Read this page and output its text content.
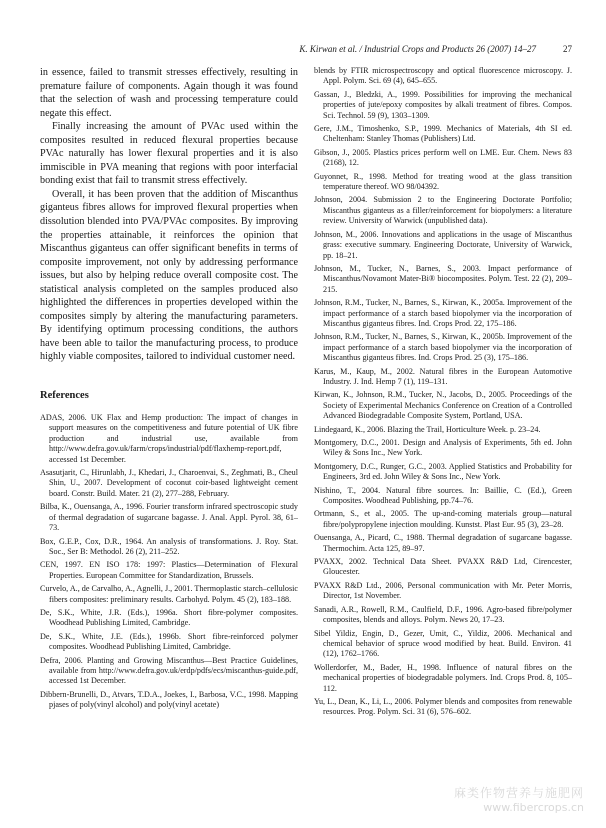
K. Kirwan et al. / Industrial Crops and Products 26 (2007) 14–27	27

in essence, failed to transmit stresses effectively, resulting in premature failure of components. Again though it was found that the selection of wash and processing temperature could negate this effect.

Finally increasing the amount of PVAc used within the composites resulted in reduced flexural properties because PVAc naturally has lower flexural properties and it is also immiscible in PVA meaning that regions with poor interfacial bonding exist that fail to transmit stress effectively.

Overall, it has been proven that the addition of Miscanthus giganteus fibres allows for improved flexural properties when dissolution blended into PVA/PVAc composites. By improving the properties attainable, it reinforces the opinion that Miscanthus giganteus can offer significant benefits in terms of composite improvement, not only by addressing performance issues, but also by helping reduce overall composite cost. The statistical analysis completed on the samples produced also highlighted the differences in properties developed within the composites simply by altering the manufacturing parameters. By identifying optimum processing conditions, the authors have been able to tailor the manufacturing process, to produce highly viable composites, tailored to individual customer need.

References

ADAS, 2006. UK Flax and Hemp production: The impact of changes in support measures on the competitiveness and future potential of UK fibre production and industrial use, available from http://www.defra.gov.uk/farm/crops/industrial/pdf/flaxhemp-report.pdf, accessed 1st December.

Asasutjarit, C., Hirunlabh, J., Khedari, J., Charoenvai, S., Zeghmati, B., Cheul Shin, U., 2007. Development of coconut coir-based lightweight cement board. Constr. Build. Mater. 21 (2), 277–288, February.

Bilba, K., Ouensanga, A., 1996. Fourier transform infrared spectroscopic study of thermal degradation of sugarcane bagasse. J. Anal. Appl. Pyrol. 38, 61–73.

Box, G.E.P., Cox, D.R., 1964. An analysis of transformations. J. Roy. Stat. Soc., Ser B: Methodol. 26 (2), 211–252.

CEN, 1997. EN ISO 178: 1997: Plastics—Determination of Flexural Properties. European Committee for Standardization, Brussels.

Curvelo, A., de Carvalho, A., Agnelli, J., 2001. Thermoplastic starch–cellulosic fibers composites: preliminary results. Carbohyd. Polym. 45 (2), 183–188.

De, S.K., White, J.R. (Eds.), 1996a. Short fibre-polymer composites. Woodhead Publishing Limited, Cambridge.

De, S.K., White, J.E. (Eds.), 1996b. Short fibre-reinforced polymer composites. Woodhead Publishing Limited, Cambridge.

Defra, 2006. Planting and Growing Miscanthus—Best Practice Guidelines, available from http://www.defra.gov.uk/erdp/pdfs/ecs/miscanthus-guide.pdf, accessed 1st December.

Dibbern-Brunelli, D., Atvars, T.D.A., Joekes, I., Barbosa, V.C., 1998. Mapping pjases of poly(vinyl alcohol) and poly(vinyl acetate)

blends by FTIR microspectroscopy and optical fluorescence microscopy. J. Appl. Polym. Sci. 69 (4), 645–655.

Gassan, J., Bledzki, A., 1999. Possibilities for improving the mechanical properties of jute/epoxy composites by alkali treatment of fibres. Compos. Sci. Technol. 59 (9), 1303–1309.

Gere, J.M., Timoshenko, S.P., 1999. Mechanics of Materials, 4th SI ed. Cheltenham: Stanley Thomas (Publishers) Ltd.

Gibson, J., 2005. Plastics prices perform well on LME. Eur. Chem. News 83 (2168), 12.

Guyonnet, R., 1998. Method for treating wood at the glass transition temperature thereof. WO 98/04392.

Johnson, 2004. Submission 2 to the Engineering Doctorate Portfolio; Miscanthus giganteus as a filler/reinforcement for biopolymers: a literature review. University of Warwick (unpublished data).

Johnson, M., 2006. Innovations and applications in the usage of Miscanthus grass: executive summary. Engineering Doctorate, University of Warwick, pp. 18–21.

Johnson, M., Tucker, N., Barnes, S., 2003. Impact performance of Miscanthus/Novamont Mater-Bi® biocomposites. Polym. Test. 22 (2), 209–215.

Johnson, R.M., Tucker, N., Barnes, S., Kirwan, K., 2005a. Improvement of the impact performance of a starch based biopolymer via the incorporation of Miscanthus giganteus fibres. Ind. Crops Prod. 22, 175–186.

Johnson, R.M., Tucker, N., Barnes, S., Kirwan, K., 2005b. Improvement of the impact performance of a starch based biopolymer via the incorporation of Miscanthus giganteus fibres. Ind. Crops Prod. 25 (3), 175–186.

Karus, M., Kaup, M., 2002. Natural fibres in the European Automotive Industry. J. Ind. Hemp 7 (1), 119–131.

Kirwan, K., Johnson, R.M., Tucker, N., Jacobs, D., 2005. Proceedings of the Society of Experimental Mechanics Conference on Creation of a Controlled Advanced Biodegradable Composite System, Portland, USA.

Lindegaard, K., 2006. Blazing the Trail, Horticulture Week. p. 23–24.

Montgomery, D.C., 2001. Design and Analysis of Experiments, 5th ed. John Wiley & Sons Inc., New York.

Montgomery, D.C., Runger, G.C., 2003. Applied Statistics and Probability for Engineers, 3rd ed. John Wiley & Sons Inc., New York.

Nishino, T., 2004. Natural fibre sources. In: Baillie, C. (Ed.), Green Composites. Woodhead Publishing, pp.74–76.

Ortmann, S., et al., 2005. The up-and-coming materials group—natural fibre/polypropylene injection moulding. Kunstst. Plast Eur. 95 (3), 23–28.

Ouensanga, A., Picard, C., 1988. Thermal degradation of sugarcane bagasse. Thermochim. Acta 125, 89–97.

PVAXX, 2002. Technical Data Sheet. PVAXX R&D Ltd, Cirencester, Gloucester.

PVAXX R&D Ltd., 2006, Personal communication with Mr. Peter Morris, Director, 1st November.

Sanadi, A.R., Rowell, R.M., Caulfield, D.F., 1996. Agro-based fibre/polymer composites, blends and alloys. Polym. News 20, 17–23.

Sibel Yildiz, Engin, D., Gezer, Umit, C., Yildiz, 2006. Mechanical and chemical behavior of spruce wood modified by heat. Build. Environ. 41 (12), 1762–1766.

Wollerdorfer, M., Bader, H., 1998. Influence of natural fibres on the mechanical properties of biodegradable polymers. Ind. Crops Prod. 8, 105–112.

Yu, L., Dean, K., Li, L., 2006. Polymer blends and composites from renewable resources. Prog. Polym. Sci. 31 (6), 576–602.

麻类作物营养与施肥网
www.fibercrops.cn
